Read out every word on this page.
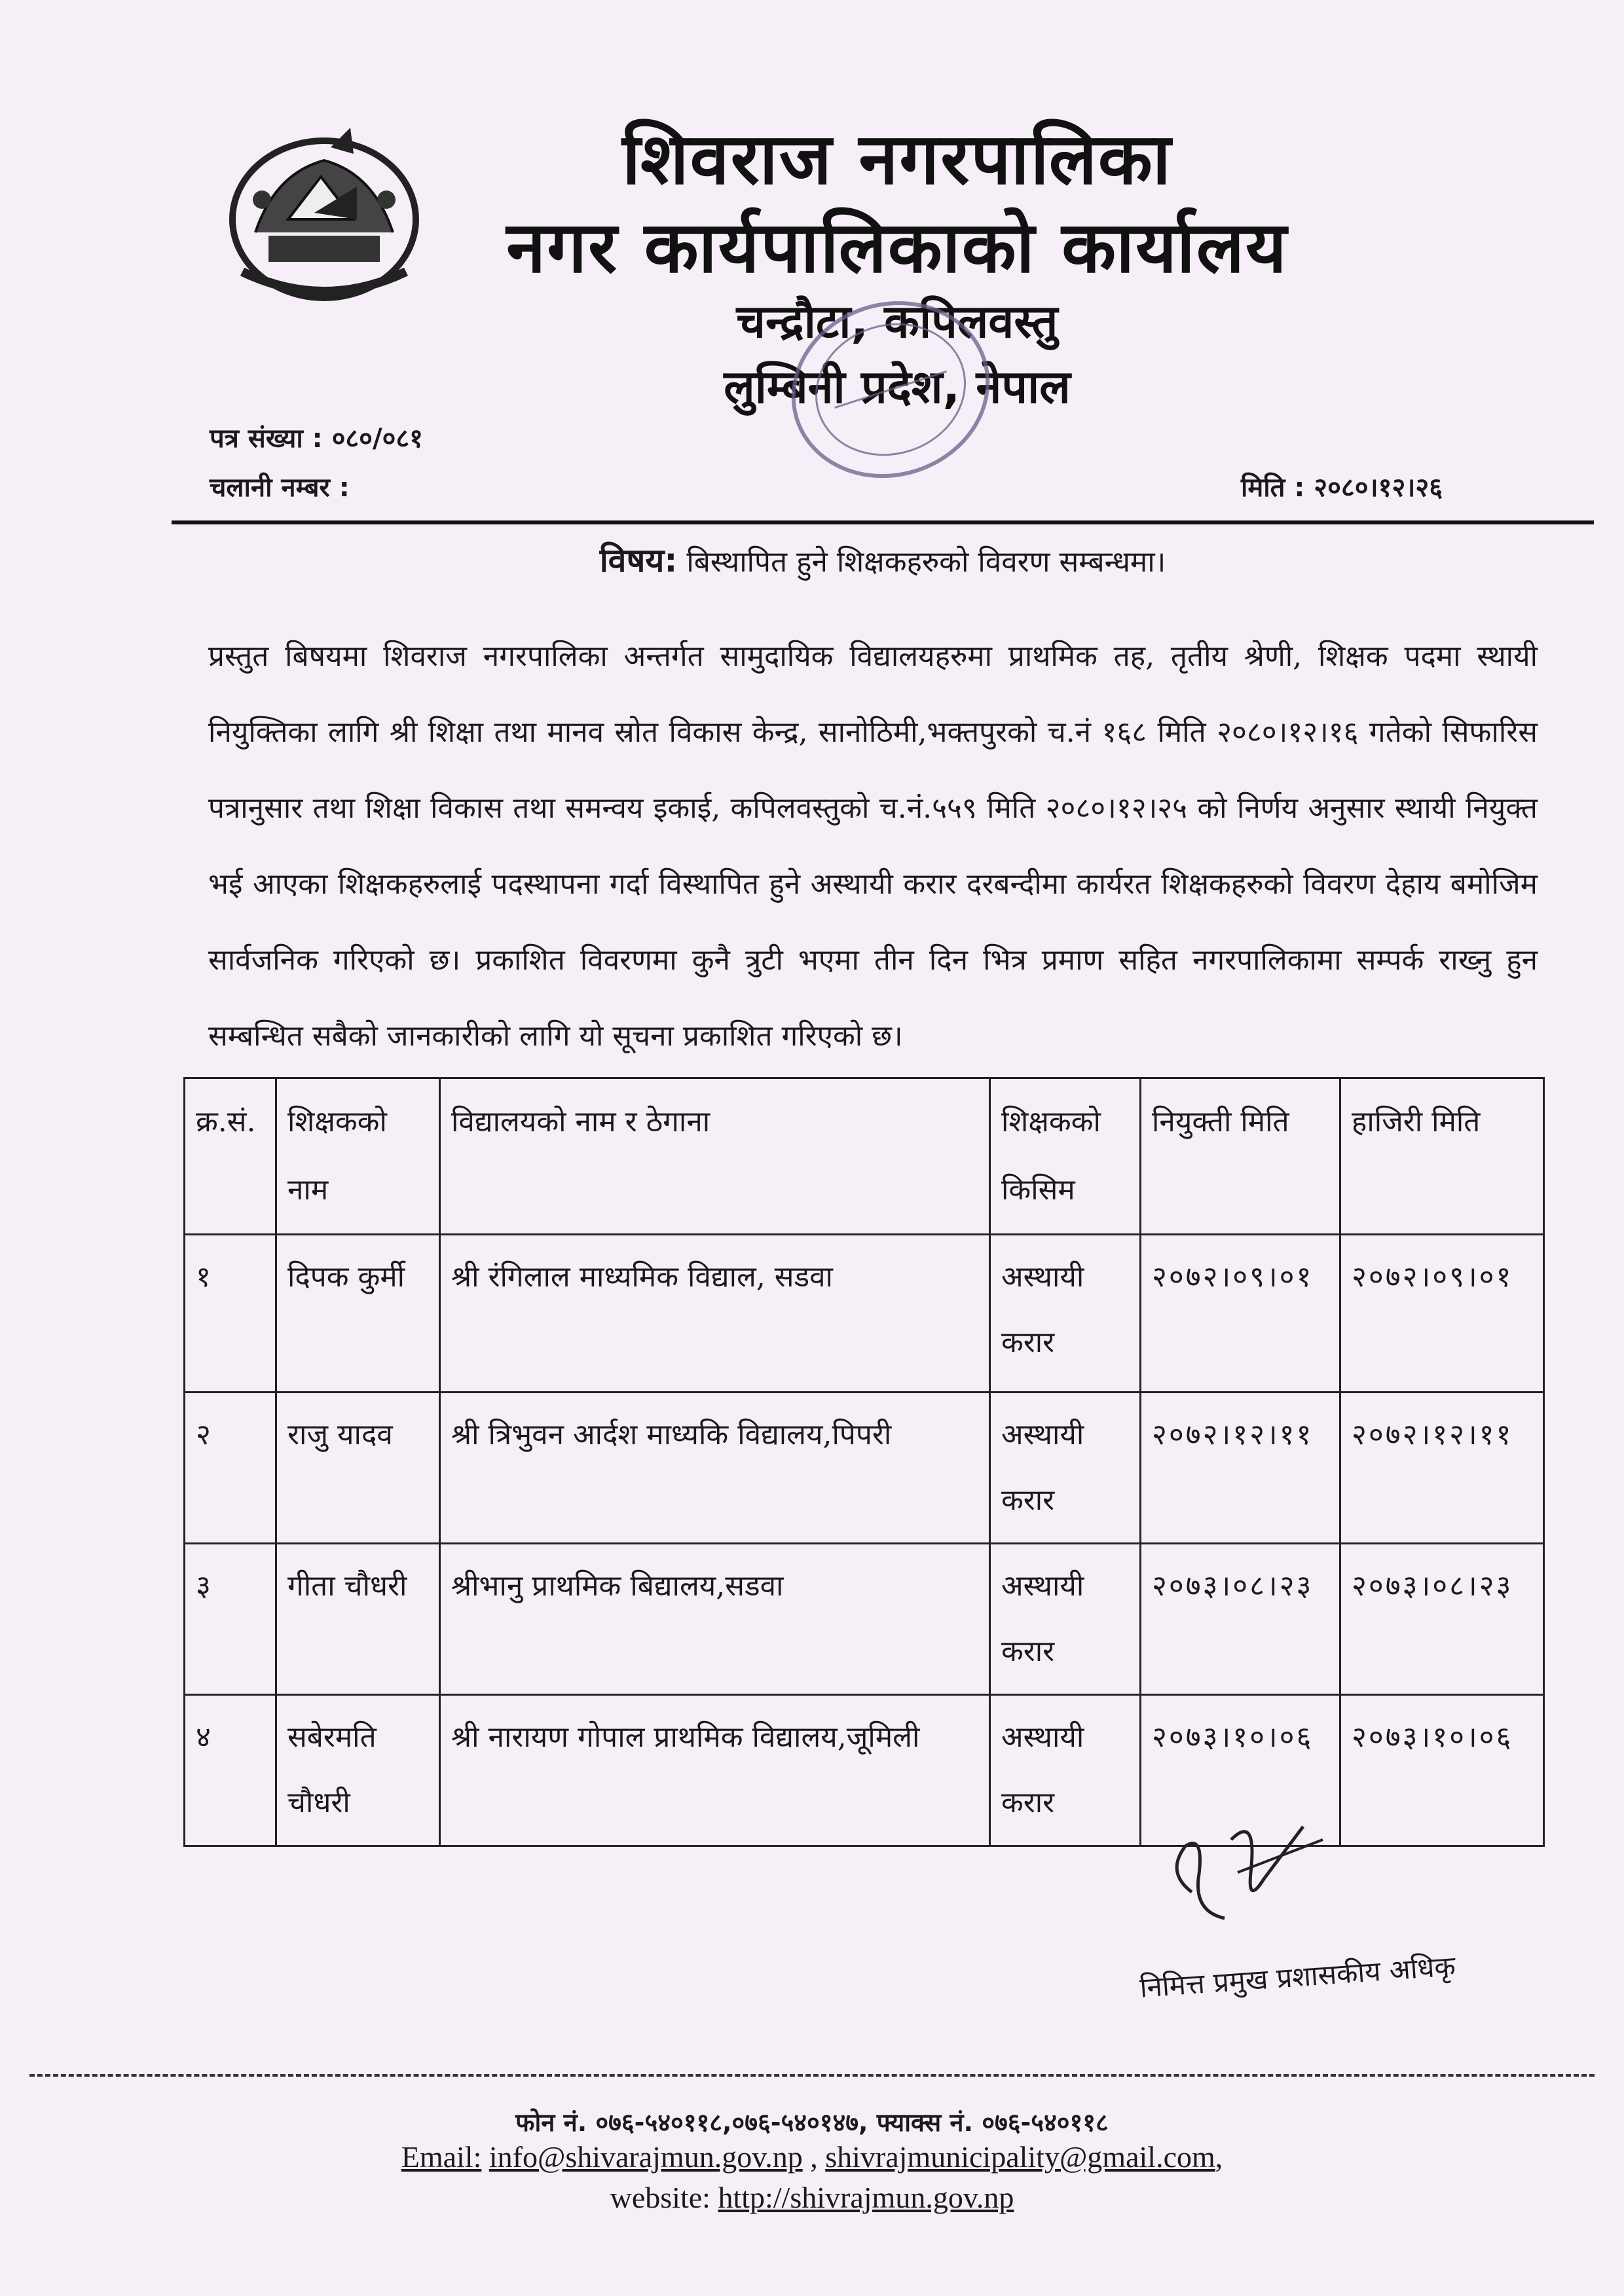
शिवराज नगरपालिका
नगर कार्यपालिकाको कार्यालय
चन्द्रौटा, कपिलवस्तु
लुम्बिनी प्रदेश, नेपाल
पत्र संख्या : ०८०/०८१
चलानी नम्बर :	मिति : २०८०।१२।२६
विषय: बिस्थापित हुने शिक्षकहरुको विवरण सम्बन्धमा।
प्रस्तुत बिषयमा शिवराज नगरपालिका अन्तर्गत सामुदायिक विद्यालयहरुमा प्राथमिक तह, तृतीय श्रेणी, शिक्षक पदमा स्थायी नियुक्तिका लागि श्री शिक्षा तथा मानव स्रोत विकास केन्द्र, सानोठिमी,भक्तपुरको च.नं १६८ मिति २०८०।१२।१६ गतेको सिफारिस पत्रानुसार तथा शिक्षा विकास तथा समन्वय इकाई, कपिलवस्तुको च.नं.५५९ मिति २०८०।१२।२५ को निर्णय अनुसार स्थायी नियुक्त भई आएका शिक्षकहरुलाई पदस्थापना गर्दा विस्थापित हुने अस्थायी करार दरबन्दीमा कार्यरत शिक्षकहरुको विवरण देहाय बमोजिम सार्वजनिक गरिएको छ। प्रकाशित विवरणमा कुनै त्रुटी भएमा तीन दिन भित्र प्रमाण सहित नगरपालिकामा सम्पर्क राख्नु हुन सम्बन्धित सबैको जानकारीको लागि यो सूचना प्रकाशित गरिएको छ।
क्र.सं.	शिक्षकको नाम	विद्यालयको नाम र ठेगाना	शिक्षकको किसिम	नियुक्ती मिति	हाजिरी मिति
१	दिपक कुर्मी	श्री रंगिलाल माध्यमिक विद्याल, सडवा	अस्थायी करार	२०७२।०९।०१	२०७२।०९।०१
२	राजु यादव	श्री त्रिभुवन आर्दश माध्यकि विद्यालय,पिपरी	अस्थायी करार	२०७२।१२।११	२०७२।१२।११
३	गीता चौधरी	श्रीभानु प्राथमिक बिद्यालय,सडवा	अस्थायी करार	२०७३।०८।२३	२०७३।०८।२३
४	सबेरमति चौधरी	श्री नारायण गोपाल प्राथमिक विद्यालय,जूमिली	अस्थायी करार	२०७३।१०।०६	२०७३।१०।०६
निमित्त प्रमुख प्रशासकीय अधिकृ
फोन नं. ०७६-५४०११८,०७६-५४०१४७, फ्याक्स नं. ०७६-५४०११८
Email: info@shivarajmun.gov.np , shivrajmunicipality@gmail.com,
website: http://shivrajmun.gov.np
